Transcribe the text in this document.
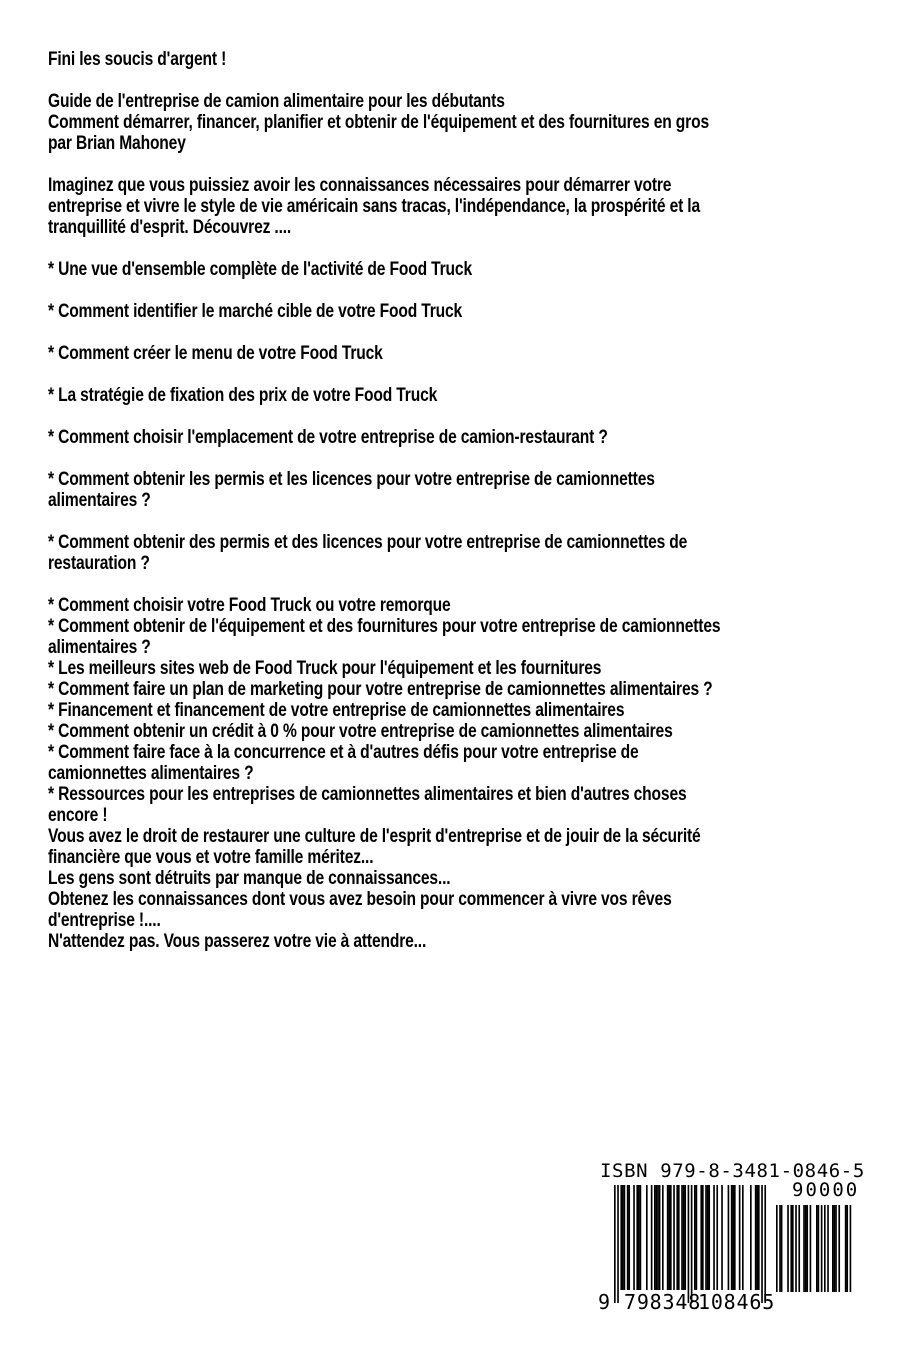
Fini les soucis d'argent !
Guide de l'entreprise de camion alimentaire pour les débutants
Comment démarrer, financer, planifier et obtenir de l'équipement et des fournitures en gros
par Brian Mahoney
Imaginez que vous puissiez avoir les connaissances nécessaires pour démarrer votre
entreprise et vivre le style de vie américain sans tracas, l'indépendance, la prospérité et la
tranquillité d'esprit. Découvrez ....
* Une vue d'ensemble complète de l'activité de Food Truck
* Comment identifier le marché cible de votre Food Truck
* Comment créer le menu de votre Food Truck
* La stratégie de fixation des prix de votre Food Truck
* Comment choisir l'emplacement de votre entreprise de camion-restaurant ?
* Comment obtenir les permis et les licences pour votre entreprise de camionnettes
alimentaires ?
* Comment obtenir des permis et des licences pour votre entreprise de camionnettes de
restauration ?
* Comment choisir votre Food Truck ou votre remorque
* Comment obtenir de l'équipement et des fournitures pour votre entreprise de camionnettes
alimentaires ?
* Les meilleurs sites web de Food Truck pour l'équipement et les fournitures
* Comment faire un plan de marketing pour votre entreprise de camionnettes alimentaires ?
* Financement et financement de votre entreprise de camionnettes alimentaires
* Comment obtenir un crédit à 0 % pour votre entreprise de camionnettes alimentaires
* Comment faire face à la concurrence et à d'autres défis pour votre entreprise de
camionnettes alimentaires ?
* Ressources pour les entreprises de camionnettes alimentaires et bien d'autres choses
encore !
Vous avez le droit de restaurer une culture de l'esprit d'entreprise et de jouir de la sécurité
financière que vous et votre famille méritez...
Les gens sont détruits par manque de connaissances...
Obtenez les connaissances dont vous avez besoin pour commencer à vivre vos rêves
d'entreprise !....
N'attendez pas. Vous passerez votre vie à attendre...
ISBN 979-8-3481-0846-5
90000
9 798348
108465
